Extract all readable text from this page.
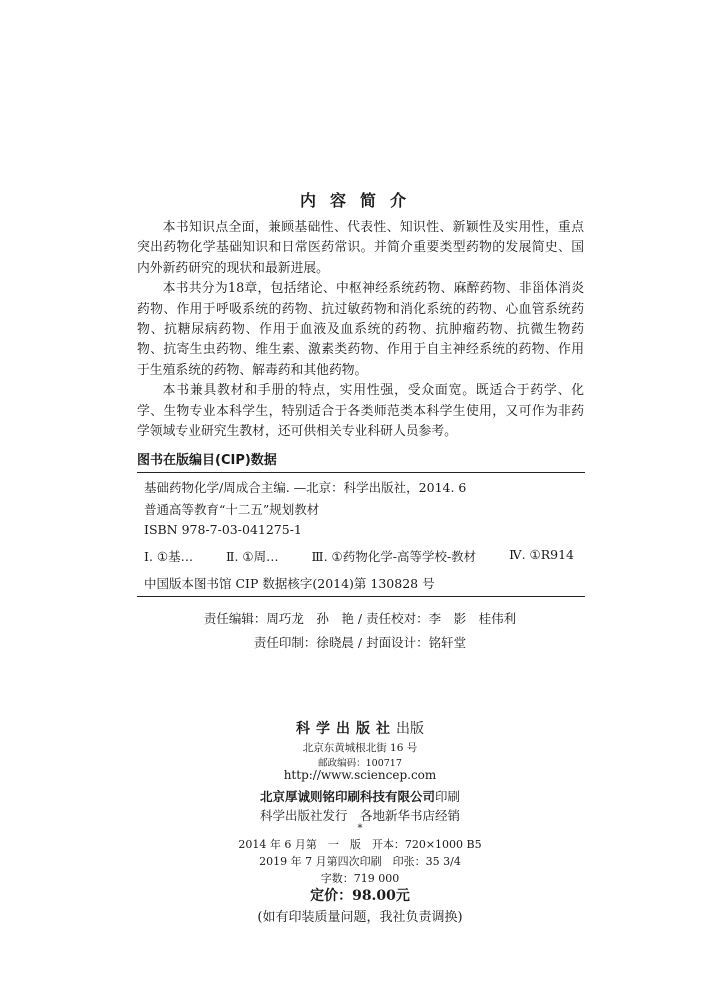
内容简介

本书知识点全面，兼顾基础性、代表性、知识性、新颖性及实用性，重点突出药物化学基础知识和日常医药常识。并简介重要类型药物的发展简史、国内外新药研究的现状和最新进展。

本书共分为18章，包括绪论、中枢神经系统药物、麻醉药物、非甾体消炎药物、作用于呼吸系统的药物、抗过敏药物和消化系统的药物、心血管系统药物、抗糖尿病药物、作用于血液及血系统的药物、抗肿瘤药物、抗微生物药物、抗寄生虫药物、维生素、激素类药物、作用于自主神经系统的药物、作用于生殖系统的药物、解毒药和其他药物。

本书兼具教材和手册的特点，实用性强，受众面宽。既适合于药学、化学、生物专业本科学生，特别适合于各类师范类本科学生使用，又可作为非药学领域专业研究生教材，还可供相关专业科研人员参考。

图书在版编目(CIP)数据
基础药物化学/周成合主编. —北京：科学出版社，2014. 6
普通高等教育“十二五”规划教材
ISBN 978-7-03-041275-1
Ⅰ. ①基…	Ⅱ. ①周…	Ⅲ. ①药物化学-高等学校-教材	Ⅳ. ①R914
中国版本图书馆 CIP 数据核字(2014)第 130828 号
责任编辑：周巧龙　孙　艳 / 责任校对：李　影　桂伟利
责任印制：徐晓晨 / 封面设计：铭轩堂
科学出版社出版
北京东黄城根北街 16 号
邮政编码：100717
http://www.sciencep.com
北京厚诚则铭印刷科技有限公司印刷
科学出版社发行　各地新华书店经销
*
2014 年 6 月第　一　版　开本：720×1000 B5
2019 年 7 月第四次印刷　印张：35 3/4
字数：719 000
定价：98.00元
(如有印装质量问题，我社负责调换)
